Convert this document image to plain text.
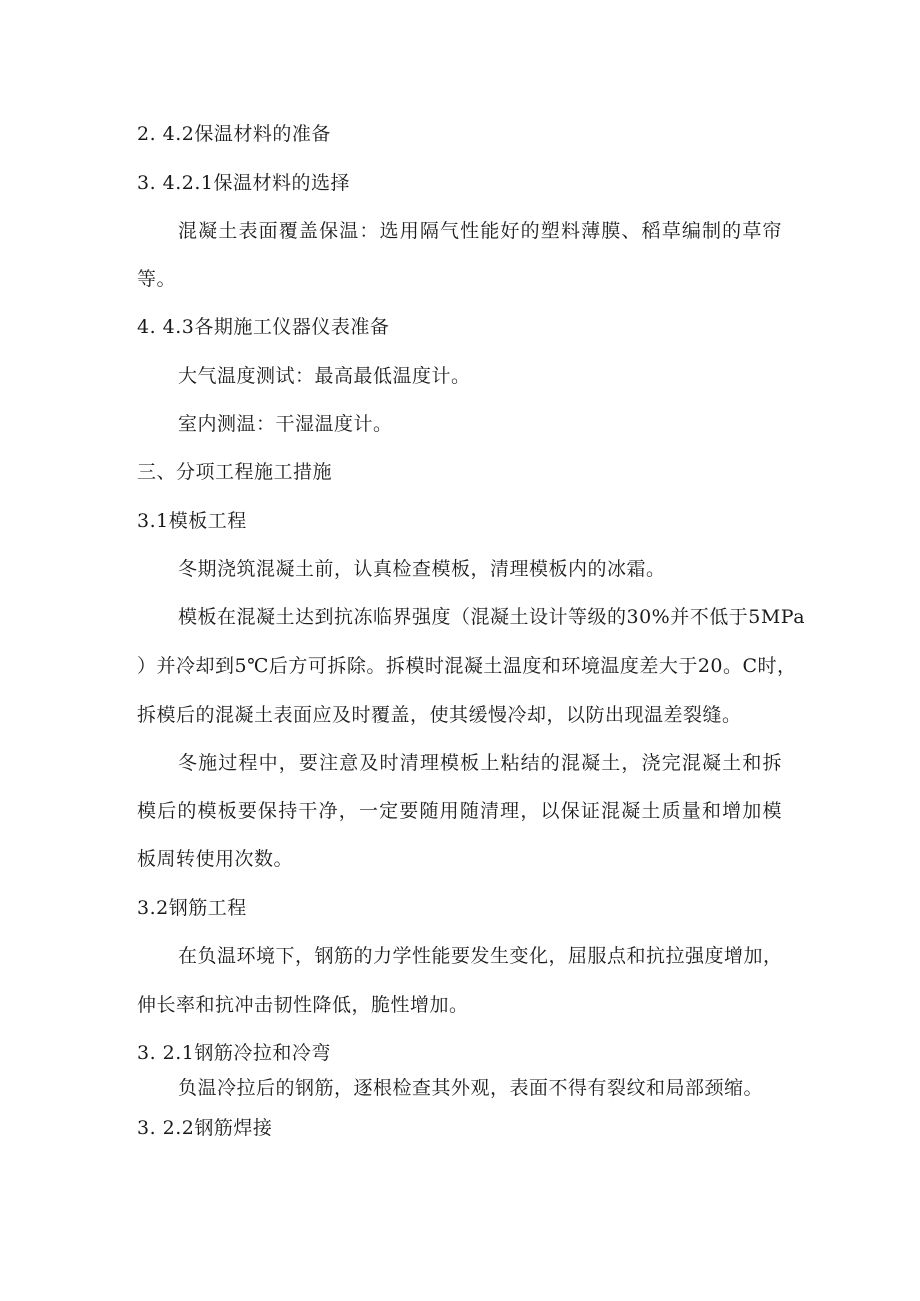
2. 4.2保温材料的准备
3. 4.2.1保温材料的选择
混凝土表面覆盖保温：选用隔气性能好的塑料薄膜、稻草编制的草帘
等。
4. 4.3各期施工仪器仪表准备
大气温度测试：最高最低温度计。
室内测温：干湿温度计。
三、分项工程施工措施
3.1模板工程
冬期浇筑混凝土前，认真检查模板，清理模板内的冰霜。
模板在混凝土达到抗冻临界强度（混凝土设计等级的30%并不低于5MPa
）并冷却到5℃后方可拆除。拆模时混凝土温度和环境温度差大于20。C时，
拆模后的混凝土表面应及时覆盖，使其缓慢冷却，以防出现温差裂缝。
冬施过程中，要注意及时清理模板上粘结的混凝土，浇完混凝土和拆
模后的模板要保持干净，一定要随用随清理，以保证混凝土质量和增加模
板周转使用次数。
3.2钢筋工程
在负温环境下，钢筋的力学性能要发生变化，屈服点和抗拉强度增加，
伸长率和抗冲击韧性降低，脆性增加。
3. 2.1钢筋冷拉和冷弯
负温冷拉后的钢筋，逐根检查其外观，表面不得有裂纹和局部颈缩。
3. 2.2钢筋焊接
